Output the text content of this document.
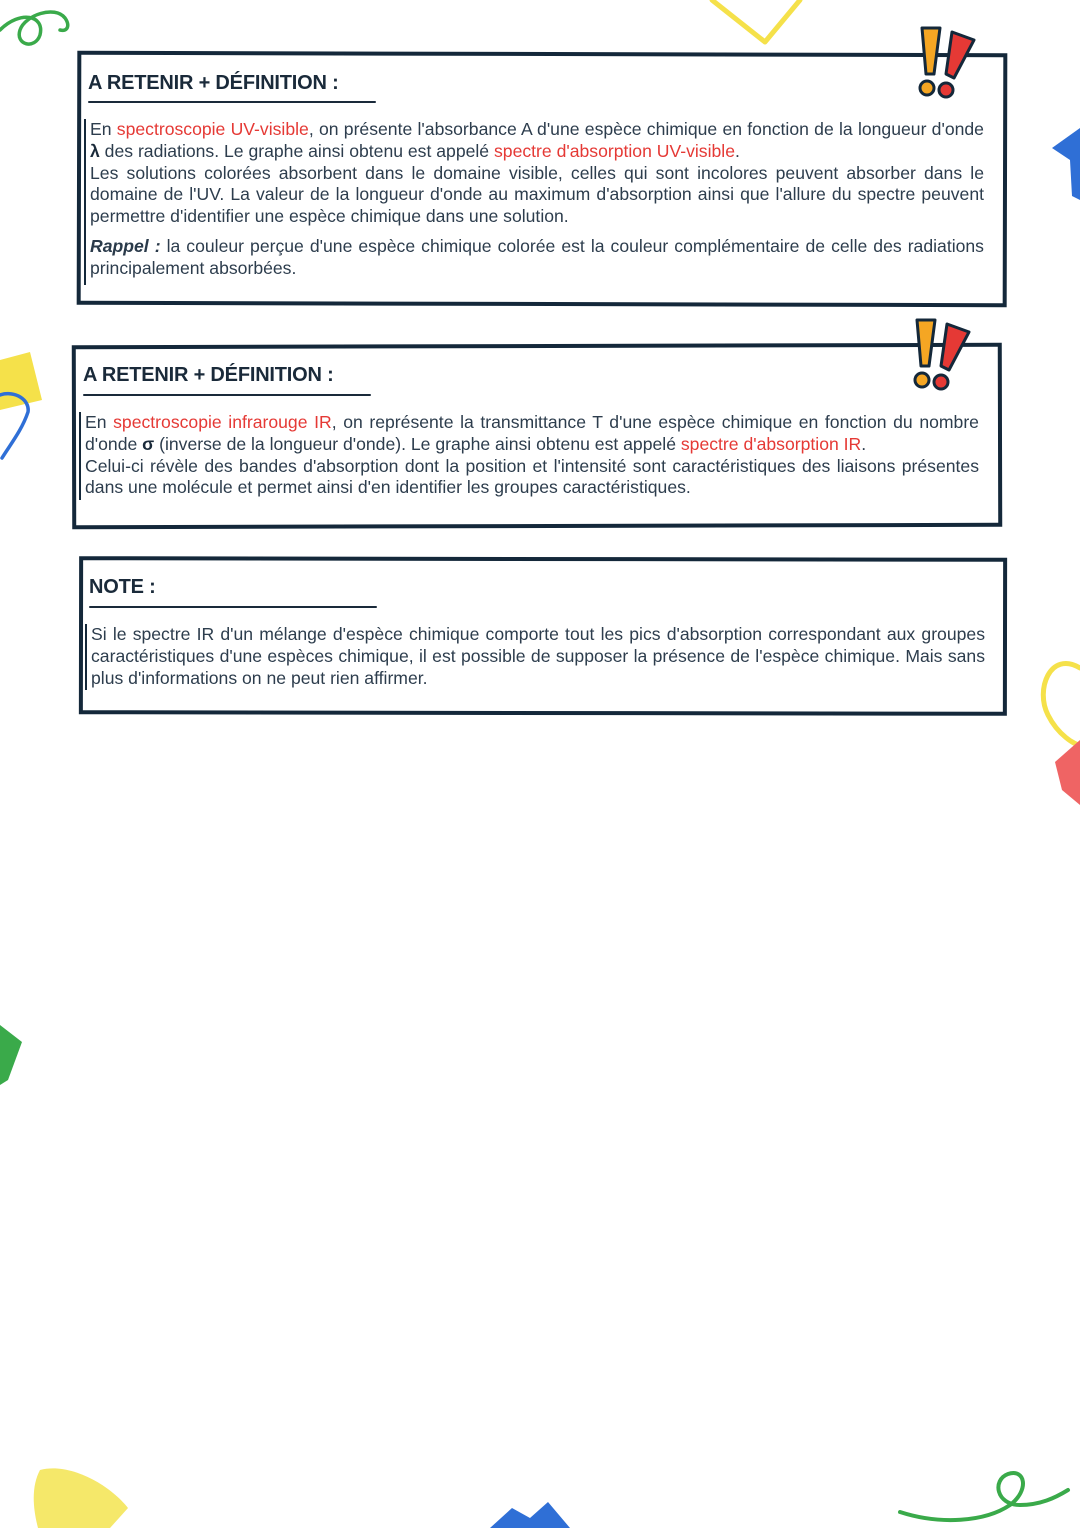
A RETENIR + DÉFINITION :

En spectroscopie UV-visible, on présente l'absorbance A d'une espèce chimique en fonction de la longueur d'onde λ des radiations. Le graphe ainsi obtenu est appelé spectre d'absorption UV-visible.

Les solutions colorées absorbent dans le domaine visible, celles qui sont incolores peuvent absorber dans le domaine de l'UV. La valeur de la longueur d'onde au maximum d'absorption ainsi que l'allure du spectre peuvent permettre d'identifier une espèce chimique dans une solution.

Rappel : la couleur perçue d'une espèce chimique colorée est la couleur complémentaire de celle des radiations principalement absorbées.

A RETENIR + DÉFINITION :

En spectroscopie infrarouge IR, on représente la transmittance T d'une espèce chimique en fonction du nombre d'onde σ (inverse de la longueur d'onde). Le graphe ainsi obtenu est appelé spectre d'absorption IR.

Celui-ci révèle des bandes d'absorption dont la position et l'intensité sont caractéristiques des liaisons présentes dans une molécule et permet ainsi d'en identifier les groupes caractéristiques.

NOTE :

Si le spectre IR d'un mélange d'espèce chimique comporte tout les pics d'absorption correspondant aux groupes caractéristiques d'une espèces chimique, il est possible de supposer la présence de l'espèce chimique. Mais sans plus d'informations on ne peut rien affirmer.
